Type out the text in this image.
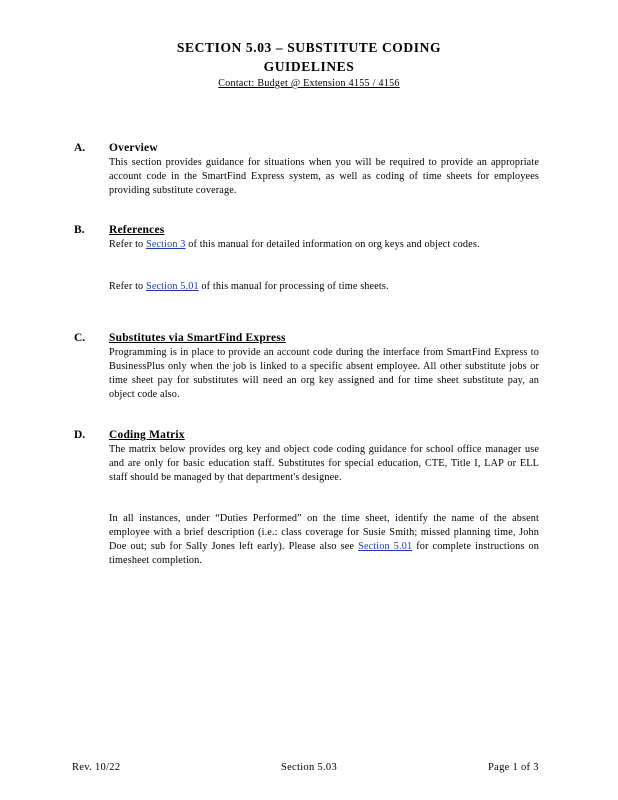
SECTION 5.03 – SUBSTITUTE CODING
GUIDELINES
Contact: Budget @ Extension 4155 / 4156
A. Overview
This section provides guidance for situations when you will be required to provide an appropriate account code in the SmartFind Express system, as well as coding of time sheets for employees providing substitute coverage.
B. References
Refer to Section 3 of this manual for detailed information on org keys and object codes.
Refer to Section 5.01 of this manual for processing of time sheets.
C. Substitutes via SmartFind Express
Programming is in place to provide an account code during the interface from SmartFind Express to BusinessPlus only when the job is linked to a specific absent employee. All other substitute jobs or time sheet pay for substitutes will need an org key assigned and for time sheet substitute pay, an object code also.
D. Coding Matrix
The matrix below provides org key and object code coding guidance for school office manager use and are only for basic education staff. Substitutes for special education, CTE, Title I, LAP or ELL staff should be managed by that department's designee.
In all instances, under “Duties Performed” on the time sheet, identify the name of the absent employee with a brief description (i.e.: class coverage for Susie Smith; missed planning time, John Doe out; sub for Sally Jones left early). Please also see Section 5.01 for complete instructions on timesheet completion.
Rev. 10/22	Section 5.03	Page 1 of 3
